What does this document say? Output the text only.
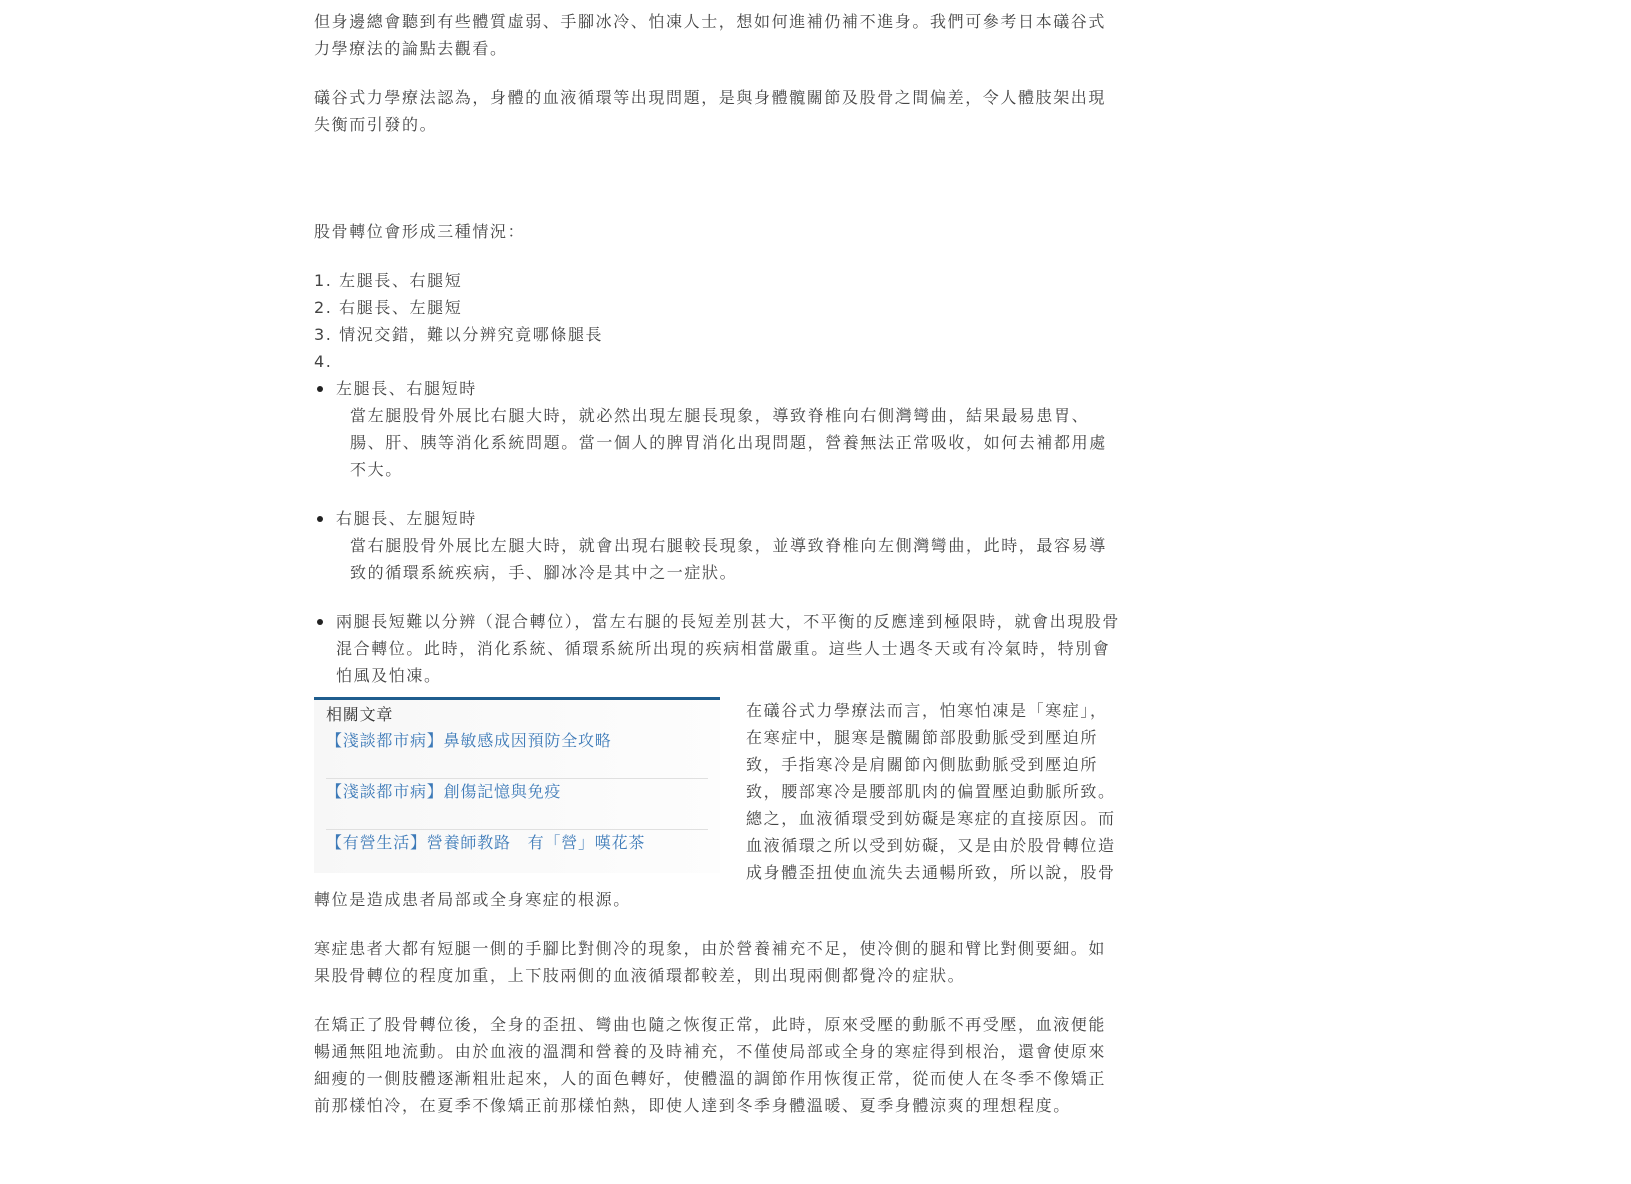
但身邊總會聽到有些體質虛弱、手腳冰冷、怕凍人士，想如何進補仍補不進身。我們可參考日本礒谷式力學療法的論點去觀看。

礒谷式力學療法認為，身體的血液循環等出現問題，是與身體髖關節及股骨之間偏差，令人體肢架出現失衡而引發的。

股骨轉位會形成三種情況：

1. 左腿長、右腿短
2. 右腿長、左腿短
3. 情況交錯，難以分辨究竟哪條腿長
4.
左腿長、右腿短時
當左腿股骨外展比右腿大時，就必然出現左腿長現象，導致脊椎向右側灣彎曲，結果最易患胃、腸、肝、胰等消化系統問題。當一個人的脾胃消化出現問題，營養無法正常吸收，如何去補都用處不大。
右腿長、左腿短時
當右腿股骨外展比左腿大時，就會出現右腿較長現象，並導致脊椎向左側灣彎曲，此時，最容易導致的循環系統疾病，手、腳冰冷是其中之一症狀。
兩腿長短難以分辨（混合轉位），當左右腿的長短差別甚大，不平衡的反應達到極限時，就會出現股骨混合轉位。此時，消化系統、循環系統所出現的疾病相當嚴重。這些人士遇冬天或有冷氣時，特別會怕風及怕凍。
相關文章
【淺談都市病】鼻敏感成因預防全攻略
【淺談都市病】創傷記憶與免疫
【有營生活】營養師教路　有「營」嘆花茶

在礒谷式力學療法而言，怕寒怕凍是「寒症」，在寒症中，腿寒是髖關節部股動脈受到壓迫所致，手指寒冷是肩關節內側肱動脈受到壓迫所致，腰部寒冷是腰部肌肉的偏置壓迫動脈所致。總之，血液循環受到妨礙是寒症的直接原因。而血液循環之所以受到妨礙，又是由於股骨轉位造成身體歪扭使血流失去通暢所致，所以說，股骨轉位是造成患者局部或全身寒症的根源。

寒症患者大都有短腿一側的手腳比對側冷的現象，由於營養補充不足，使冷側的腿和臂比對側要細。如果股骨轉位的程度加重，上下肢兩側的血液循環都較差，則出現兩側都覺冷的症狀。

在矯正了股骨轉位後，全身的歪扭、彎曲也隨之恢復正常，此時，原來受壓的動脈不再受壓，血液便能暢通無阻地流動。由於血液的溫潤和營養的及時補充，不僅使局部或全身的寒症得到根治，還會使原來細瘦的一側肢體逐漸粗壯起來，人的面色轉好，使體溫的調節作用恢復正常，從而使人在冬季不像矯正前那樣怕冷，在夏季不像矯正前那樣怕熱，即使人達到冬季身體溫暖、夏季身體涼爽的理想程度。
